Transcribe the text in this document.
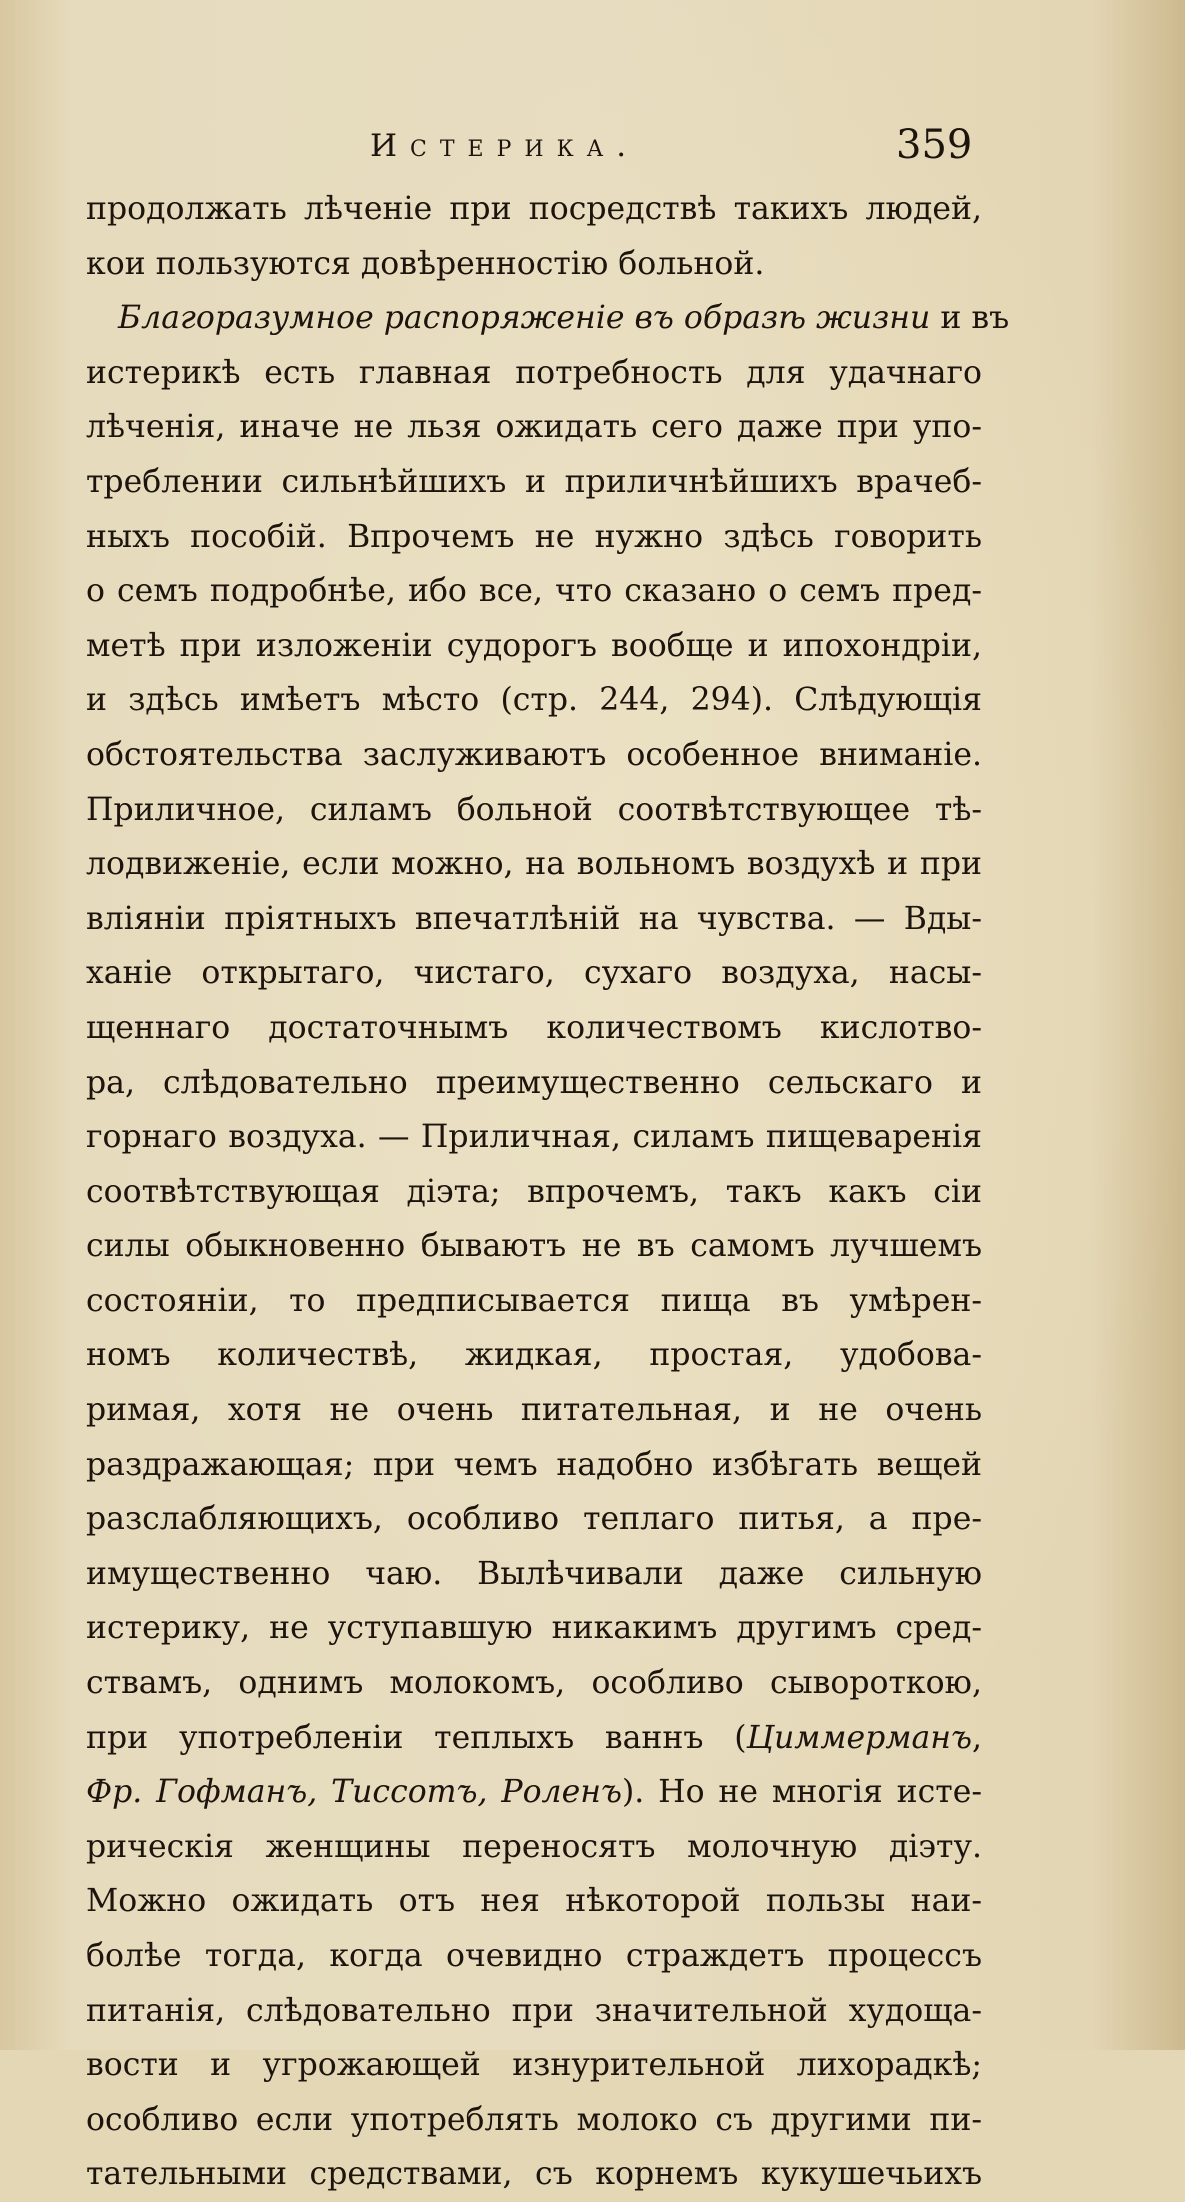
Истерика.	359
продолжать лѣченіе при посредствѣ такихъ людей,
кои пользуются довѣренностію больной.
Благоразумное распоряженіе въ образѣ жизни и въ
истерикѣ есть главная потребность для удачнаго
лѣченія, иначе не льзя ожидать сего даже при упо-
треблении сильнѣйшихъ и приличнѣйшихъ врачеб-
ныхъ пособій. Впрочемъ не нужно здѣсь говорить
о семъ подробнѣе, ибо все, что сказано о семъ пред-
метѣ при изложеніи судорогъ вообще и ипохондріи,
и здѣсь имѣетъ мѣсто (стр. 244, 294). Слѣдующія
обстоятельства заслуживаютъ особенное вниманіе.
Приличное, силамъ больной соотвѣтствующее тѣ-
лодвиженіе, если можно, на вольномъ воздухѣ и при
вліяніи пріятныхъ впечатлѣній на чувства. — Вды-
ханіе открытаго, чистаго, сухаго воздуха, насы-
щеннаго достаточнымъ количествомъ кислотво-
ра, слѣдовательно преимущественно сельскаго и
горнаго воздуха. — Приличная, силамъ пищеваренія
соотвѣтствующая діэта; впрочемъ, такъ какъ сіи
силы обыкновенно бываютъ не въ самомъ лучшемъ
состояніи, то предписывается пища въ умѣрен-
номъ количествѣ, жидкая, простая, удобова-
римая, хотя не очень питательная, и не очень
раздражающая; при чемъ надобно избѣгать вещей
разслабляющихъ, особливо теплаго питья, а пре-
имущественно чаю. Вылѣчивали даже сильную
истерику, не уступавшую никакимъ другимъ сред-
ствамъ, однимъ молокомъ, особливо сывороткою,
при употребленіи теплыхъ ваннъ (Циммерманъ,
Фр. Гофманъ, Тиссотъ, Роленъ). Но не многія исте-
рическія женщины переносятъ молочную діэту.
Можно ожидать отъ нея нѣкоторой пользы наи-
болѣе тогда, когда очевидно страждетъ процессъ
питанія, слѣдовательно при значительной худоща-
вости и угрожающей изнурительной лихорадкѣ;
особливо если употреблять молоко съ другими пи-
тательными средствами, съ корнемъ кукушечьихъ
